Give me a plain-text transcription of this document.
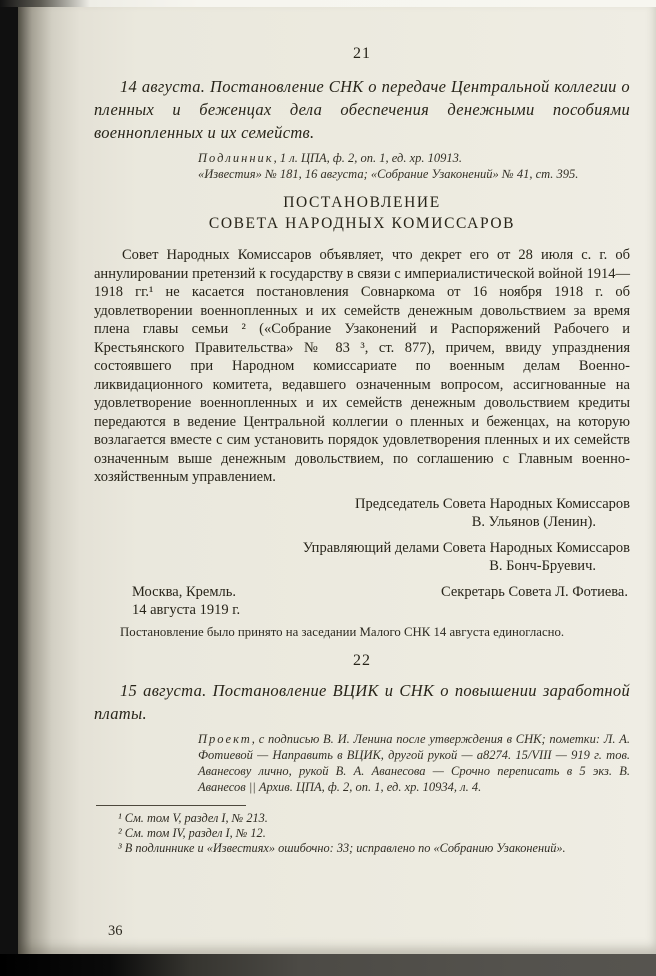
21

14 августа. Постановление СНК о передаче Центральной коллегии о пленных и беженцах дела обеспечения денежными пособиями военнопленных и их семейств.

Подлинник, 1 л. ЦПА, ф. 2, оп. 1, ед. хр. 10913.

«Известия» № 181, 16 августа; «Собрание Узаконений» № 41, ст. 395.

ПОСТАНОВЛЕНИЕ
СОВЕТА НАРОДНЫХ КОМИССАРОВ

Совет Народных Комиссаров объявляет, что декрет его от 28 июля с. г. об аннулировании претензий к государству в связи с империалистической войной 1914—1918 гг.¹ не касается постановления Совнаркома от 16 ноября 1918 г. об удовлетворении военнопленных и их семейств денежным довольствием за время плена главы семьи ² («Собрание Узаконений и Распоряжений Рабочего и Крестьянского Правительства» № 83 ³, ст. 877), причем, ввиду упразднения состоявшего при Народном комиссариате по военным делам Военно-ликвидационного комитета, ведавшего означенным вопросом, ассигнованные на удовлетворение военнопленных и их семейств денежным довольствием кредиты передаются в ведение Центральной коллегии о пленных и беженцах, на которую возлагается вместе с сим установить порядок удовлетворения пленных и их семейств означенным выше денежным довольствием, по соглашению с Главным военно-хозяйственным управлением.

Председатель Совета Народных Комиссаров
В. Ульянов (Ленин).
Управляющий делами Совета Народных Комиссаров
В. Бонч-Бруевич.
Москва, Кремль.
14 августа 1919 г.
Секретарь Совета Л. Фотиева.

Постановление было принято на заседании Малого СНК 14 августа единогласно.

22

15 августа. Постановление ВЦИК и СНК о повышении заработной платы.

Проект, с подписью В. И. Ленина после утверждения в СНК; пометки: Л. А. Фотиевой — Направить в ВЦИК, другой рукой — а8274. 15/VIII — 919 г. тов. Аванесову лично, рукой В. А. Аванесова — Срочно переписать в 5 экз. В. Аванесов || Архив. ЦПА, ф. 2, оп. 1, ед. хр. 10934, л. 4.

¹ См. том V, раздел I, № 213.

² См. том IV, раздел I, № 12.

³ В подлиннике и «Известиях» ошибочно: 33; исправлено по «Собранию Узаконений».

36
